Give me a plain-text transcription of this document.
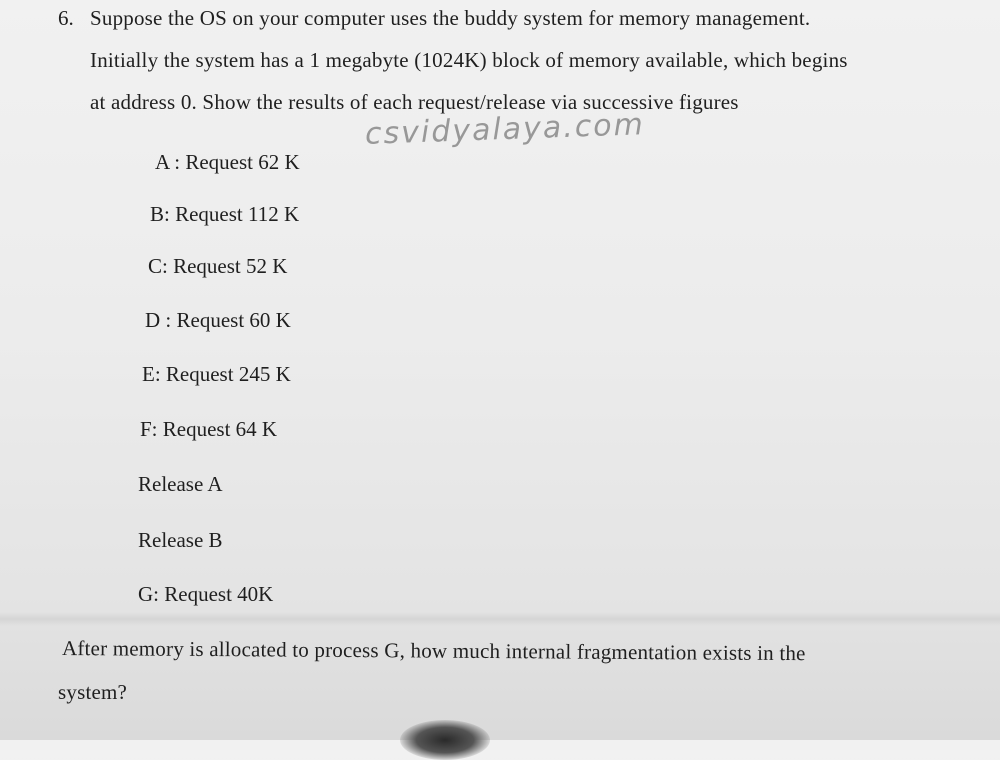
6. Suppose the OS on your computer uses the buddy system for memory management.
Initially the system has a 1 megabyte (1024K) block of memory available, which begins
at address 0. Show the results of each request/release via successive figures
csvidyalaya.com
A : Request 62 K
B: Request 112 K
C: Request 52 K
D : Request 60 K
E: Request 245 K
F: Request 64 K
Release A
Release B
G: Request 40K
After memory is allocated to process G, how much internal fragmentation exists in the
system?
